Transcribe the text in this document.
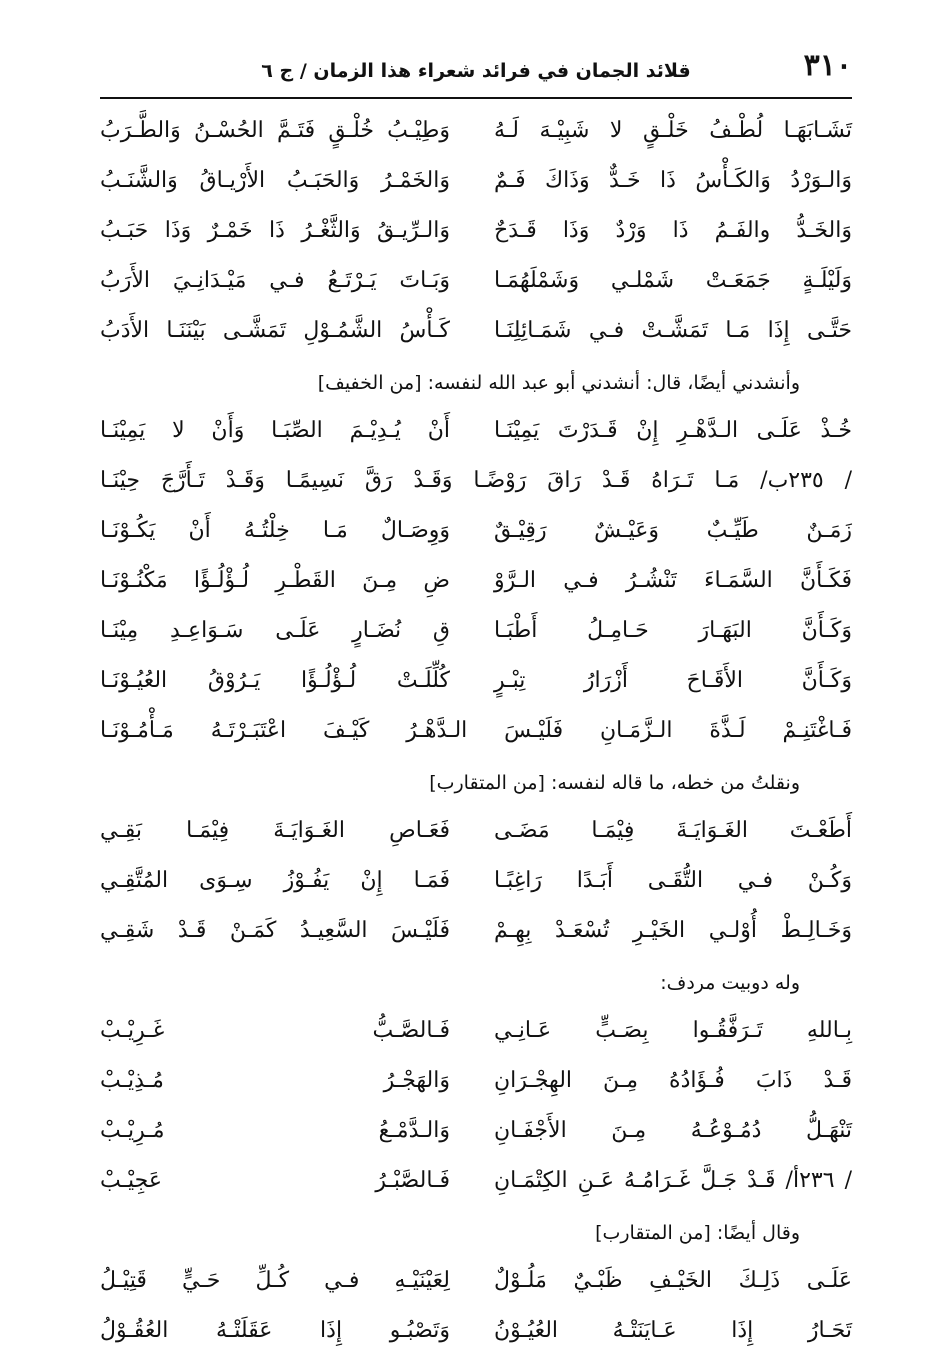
٣١٠
قلائد الجمان في فرائد شعراء هذا الزمان / ج ٦
تَشَـابَهَـا لُطْـفُ خَلْـقٍ لا شَبِيْـهَ لَـهُ
وَطِيْـبُ خُلْـقٍ فَتَـمَّ الحُسْـنُ وَالطَّـرَبُ
وَالـوَرْدُ وَالكَـأْسُ ذَا خَـدٌّ وَذَاكَ فَـمٌ
وَالخَمْـرُ وَالحَبَـبُ الأَرْيـاقُ وَالشَّنَـبُ
وَالخَـدُّ والفَـمُ ذَا وَرْدٌ وَذَا قَـدَحٌ
وَالـرِّيـقُ وَالثَّغْـرُ ذَا خَمْـرٌ وَذَا حَبَـبُ
وَلَيْلَـةٍ جَمَعَـتْ شَمْلـي وَشَمْلَهُمَـا
وَبَـاتَ يَـرْتَـعُ فـي مَيْـدَانِـيَ الأَرَبُ
حَتَّـى إِذَا مَـا تَمَشَّـتْ فـي شَمَـائِلِنَـا
كَـأْسُ الشَّمُـوْلِ تَمَشَّـى بَيْنَنَـا الأَدَبُ
وأنشدني أيضًا، قال: أنشدني أبو عبد الله لنفسه: [من الخفيف]
خُـذْ عَلَـى الـدَّهْـرِ إِنْ قَـدَرْتَ يَمِيْنَـا
أَنْ يُـدِيْـمَ الصِّبَـا وَأَنْ لا يَمِيْنَـا
/ ٢٣٥ب/ مَـا تَـرَاهُ قَـدْ رَاقَ رَوْضًـا وَقَـدْ رَقَّ نَسِيمًـا وَقَـدْ تَـأَرَّجَ حِيْنَـا
زَمَـنٌ طَيِّـبٌ وَعَيْـشٌ رَقِيْـقٌ
وَوِصَـالٌ مَـا خِلْتُـهُ أَنْ يَكُـوْنَـا
فَكَـأَنَّ السَّمَـاءَ تَنْشُـرُ فـي الـرَّوْ
ضِ مِـنَ القَطْـرِ لُـؤْلُـؤًا مَكْنُـوْنَـا
وَكَـأَنَّ البَهَـارَ حَـامِـلُ أَطْبَـا
قِ نُضَـارٍ عَلَـى سَـوَاعِـدِ مِيْنَـا
وَكَـأَنَّ الأَقَـاحَ أَزْرَارُ تِبْـرٍ
كُلِّلَـتْ لُـؤْلُـؤًا يَـرُوْقُ العُيُـوْنَـا
فَـاغْتَنِـمْ لَـذَّةَ الـزَّمَـانِ فَلَيْـسَ الـدَّهْـرُ كَيْـفَ اعْتَبَـرْتَـهُ مَـأْمُـوْنَـا
ونقلتُ من خطه، ما قاله لنفسه: [من المتقارب]
أَطَعْـتَ الغَـوَايَـةَ فِيْمَـا مَضَـى
فَعَـاصِ الغَـوَايَـةَ فِيْمَـا بَقِـي
وَكُـنْ فـي التُّقَـى أَبَـدًا رَاغِبًـا
فَمَـا إِنْ يَفُـوْزُ سِـوَى المُتَّقِـي
وَخَـالِـطْ أُوْلـي الخَيْـرِ تُسْعَـدْ بِهِـمْ
فَلَيْـسَ السَّعِيـدُ كَمَـنْ قَـدْ شَقِـي
وله دوبيت مردف:
بِـاللهِ تَـرَفَّقُـوا بِصَـبٍّ عَـانِـي
فَـالصَّـبُّ غَـرِيْـبْ
قَـدْ ذَابَ فُـؤَادُهُ مِـنَ الهِجْـرَانِ
وَالهَجْـرُ مُـذِيْـبْ
تَنْهَـلُّ دُمُـوْعُـهُ مِـنَ الأَجْفَـانِ
وَالـدَّمْـعُ مُـرِيْـبْ
/ ٢٣٦أ/ قَـدْ جَـلَّ غَـرَامُـهُ عَـنِ الكِتْمَـانِ
فَـالصَّبْـرُ عَجِيْـبْ
وقال أيضًا: [من المتقارب]
عَلَـى ذَلِـكَ الخَيْـفِ ظَبْـيٌ مَلُـوْلٌ
لِعَيْنَيْـهِ فـي كُـلِّ حَـيٍّ قَتِيْـلُ
تَحَـارُ إِذَا عَـايَنَتْـهُ العُيُـوْنُ
وَتَصْبُـو إِذَا عَقَلَتْـهُ العُقُـوْلُ
